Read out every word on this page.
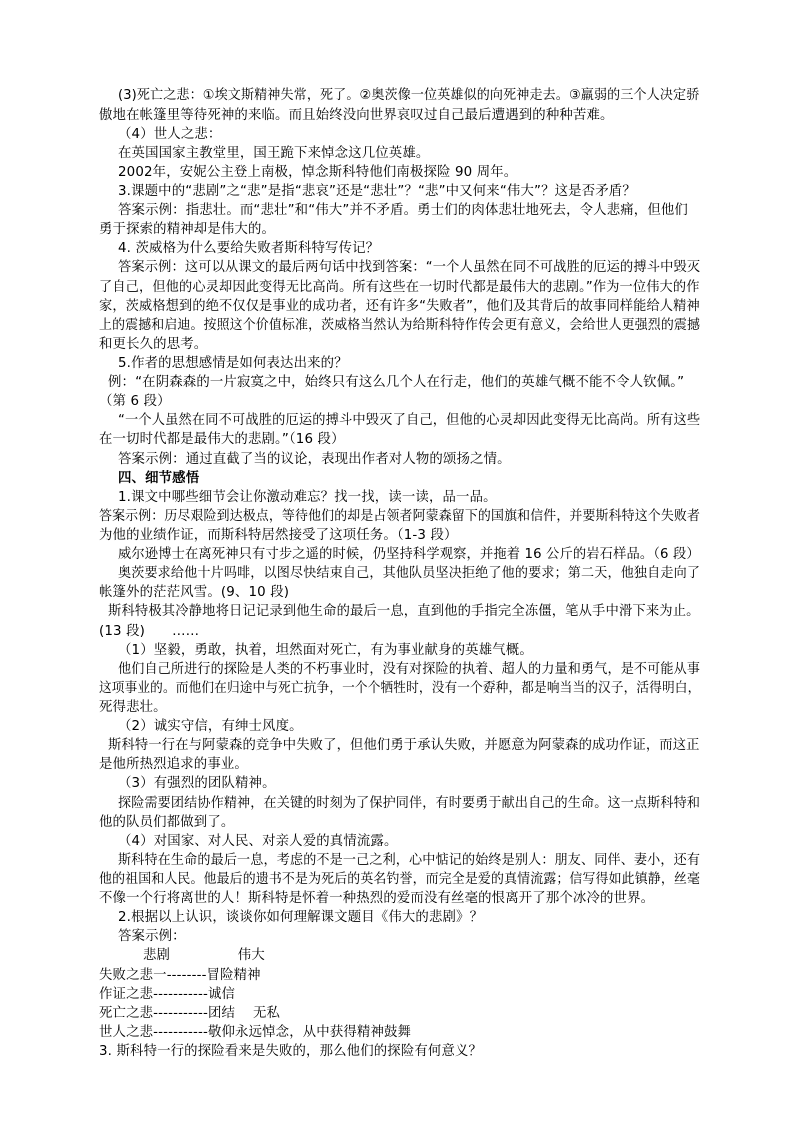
(3)死亡之悲：①埃文斯精神失常，死了。②奥茨像一位英雄似的向死神走去。③羸弱的三个人决定骄
傲地在帐篷里等待死神的来临。而且始终没向世界哀叹过自己最后遭遇到的种种苦难。
（4）世人之悲：
在英国国家主教堂里，国王跪下来悼念这几位英雄。
2002年，安妮公主登上南极，悼念斯科特他们南极探险 90 周年。
3.课题中的“悲剧”之“悲”是指“悲哀”还是“悲壮”？“悲”中又何来“伟大”？这是否矛盾？
答案示例：指悲壮。而“悲壮”和“伟大”并不矛盾。勇士们的肉体悲壮地死去，令人悲痛，但他们
勇于探索的精神却是伟大的。
4. 茨威格为什么要给失败者斯科特写传记？
答案示例：这可以从课文的最后两句话中找到答案：“一个人虽然在同不可战胜的厄运的搏斗中毁灭
了自己，但他的心灵却因此变得无比高尚。所有这些在一切时代都是最伟大的悲剧。”作为一位伟大的作
家，茨威格想到的绝不仅仅是事业的成功者，还有许多“失败者”，他们及其背后的故事同样能给人精神
上的震撼和启迪。按照这个价值标准，茨威格当然认为给斯科特作传会更有意义，会给世人更强烈的震撼
和更长久的思考。
5.作者的思想感情是如何表达出来的？
例：“在阴森森的一片寂寞之中，始终只有这么几个人在行走，他们的英雄气概不能不令人钦佩。”
（第 6 段）
“一个人虽然在同不可战胜的厄运的搏斗中毁灭了自己，但他的心灵却因此变得无比高尚。所有这些
在一切时代都是最伟大的悲剧。”（16 段）
答案示例：通过直截了当的议论，表现出作者对人物的颂扬之情。
四、细节感悟
1.课文中哪些细节会让你激动难忘？找一找，读一读，品一品。
答案示例：历尽艰险到达极点，等待他们的却是占领者阿蒙森留下的国旗和信件，并要斯科特这个失败者
为他的业绩作证，而斯科特居然接受了这项任务。（1-3 段）
威尔逊博士在离死神只有寸步之遥的时候，仍坚持科学观察，并拖着 16 公斤的岩石样品。（6 段）
奥茨要求给他十片吗啡，以图尽快结束自己，其他队员坚决拒绝了他的要求；第二天，他独自走向了
帐篷外的茫茫风雪。(9、10 段)
斯科特极其冷静地将日记记录到他生命的最后一息，直到他的手指完全冻僵，笔从手中滑下来为止。
(13 段)　　……
（1）坚毅，勇敢，执着，坦然面对死亡，有为事业献身的英雄气概。
他们自己所进行的探险是人类的不朽事业时，没有对探险的执着、超人的力量和勇气，是不可能从事
这项事业的。而他们在归途中与死亡抗争，一个个牺牲时，没有一个孬种，都是响当当的汉子，活得明白，
死得悲壮。
（2）诚实守信，有绅士风度。
斯科特一行在与阿蒙森的竞争中失败了，但他们勇于承认失败，并愿意为阿蒙森的成功作证，而这正
是他所热烈追求的事业。
（3）有强烈的团队精神。
探险需要团结协作精神，在关键的时刻为了保护同伴，有时要勇于献出自己的生命。这一点斯科特和
他的队员们都做到了。
（4）对国家、对人民、对亲人爱的真情流露。
斯科特在生命的最后一息，考虑的不是一己之利，心中惦记的始终是别人：朋友、同伴、妻小，还有
他的祖国和人民。他最后的遗书不是为死后的英名钓誉，而完全是爱的真情流露；信写得如此镇静，丝毫
不像一个行将离世的人！斯科特是怀着一种热烈的爱而没有丝毫的恨离开了那个冰冷的世界。
2.根据以上认识，谈谈你如何理解课文题目《伟大的悲剧》？
答案示例：
悲剧　　　　　伟大
失败之悲一--------冒险精神
作证之悲-----------诚信
死亡之悲-----------团结　 无私
世人之悲-----------敬仰永远悼念，从中获得精神鼓舞
3. 斯科特一行的探险看来是失败的，那么他们的探险有何意义？
